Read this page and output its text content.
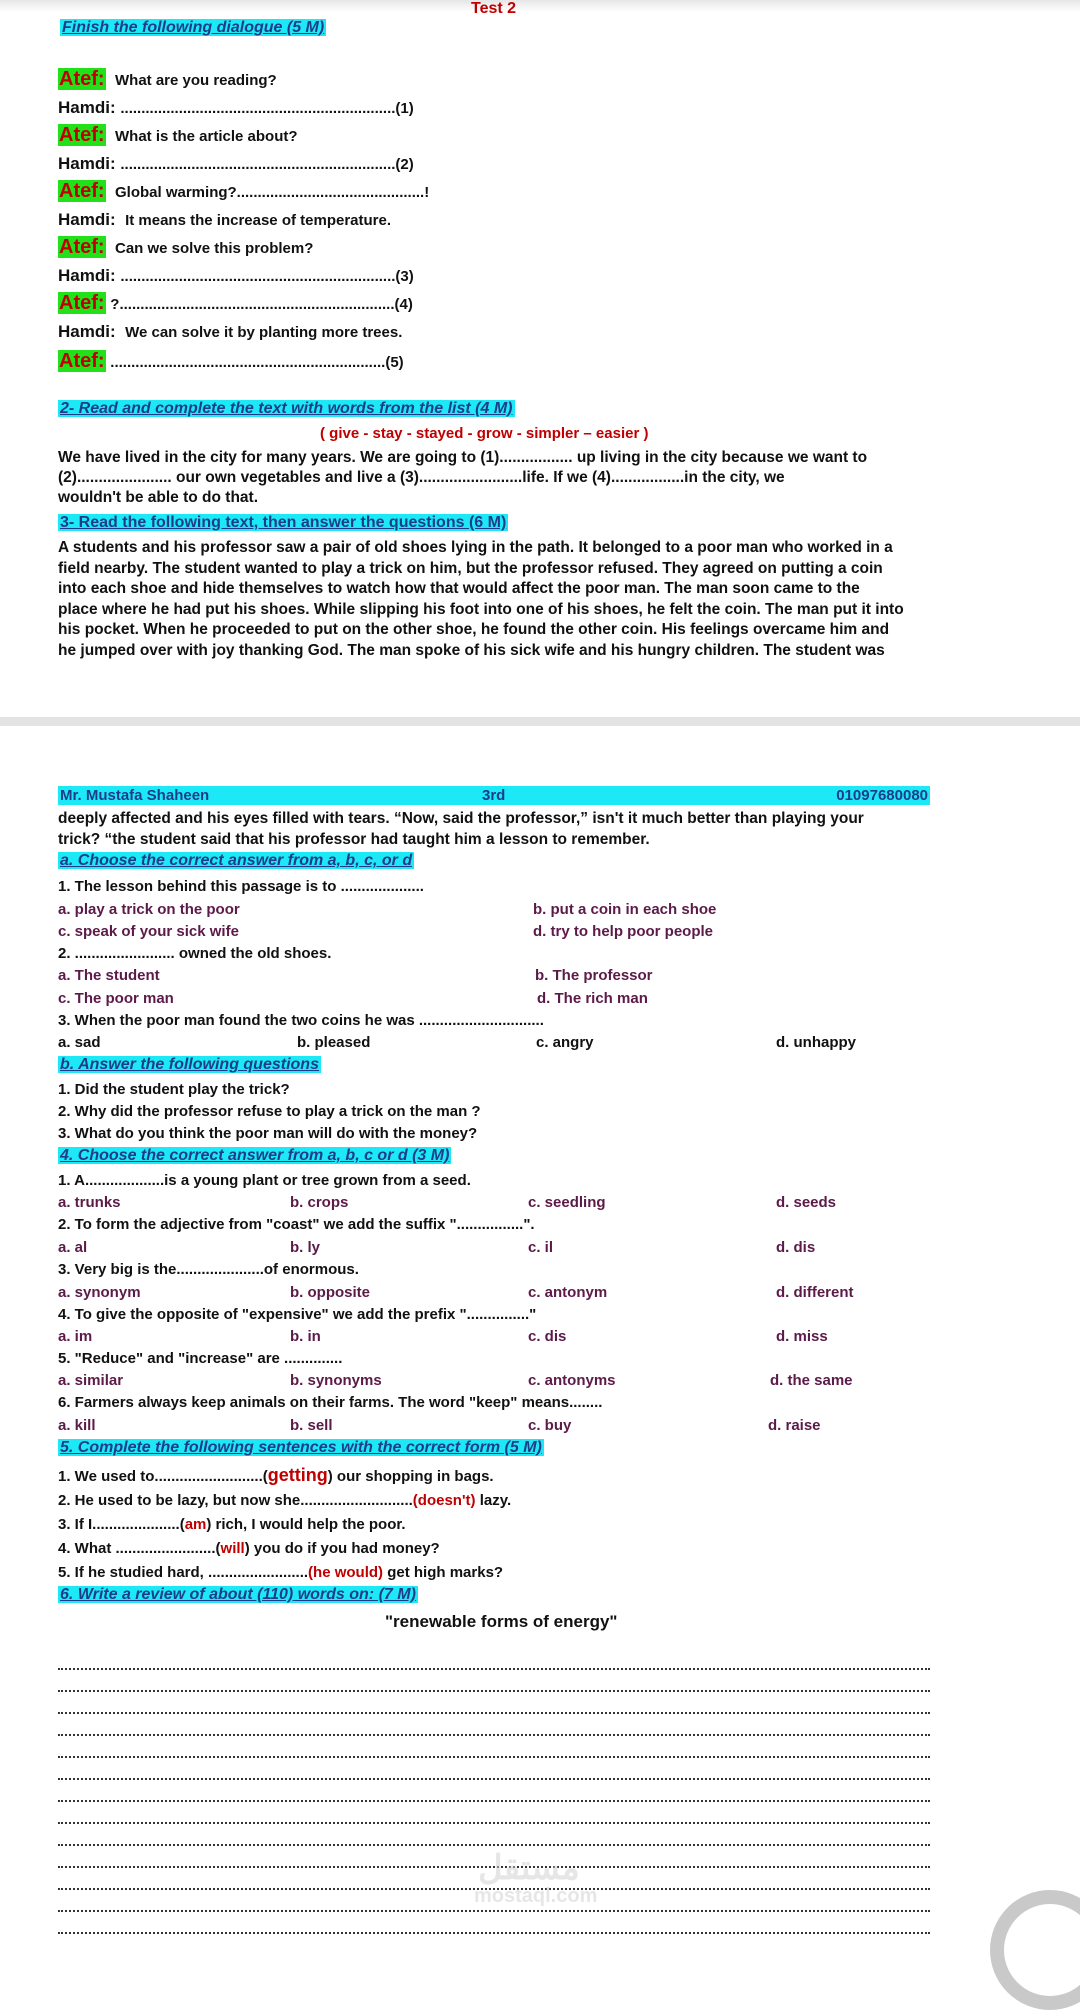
Test 2
Finish the following dialogue (5 M)
Atef: What are you reading?
Hamdi: ..................................................................(1)
Atef: What is the article about?
Hamdi: ..................................................................(2)
Atef: Global warming?.............................................!
Hamdi: It means the increase of temperature.
Atef: Can we solve this problem?
Hamdi: ..................................................................(3)
Atef: ?..................................................................(4)
Hamdi: We can solve it by planting more trees.
Atef: ..................................................................(5)
2- Read and complete the text with words from the list (4 M)
( give - stay - stayed - grow - simpler – easier )
We have lived in the city for many years. We are going to (1)................. up living in the city because we want to
(2)...................... our own vegetables and live a (3)........................life. If we (4).................in the city, we
wouldn't be able to do that.
3- Read the following text, then answer the questions (6 M)
A students and his professor saw a pair of old shoes lying in the path. It belonged to a poor man who worked in a
field nearby. The student wanted to play a trick on him, but the professor refused. They agreed on putting a coin
into each shoe and hide themselves to watch how that would affect the poor man. The man soon came to the
place where he had put his shoes. While slipping his foot into one of his shoes, he felt the coin. The man put it into
his pocket. When he proceeded to put on the other shoe, he found the other coin. His feelings overcame him and
he jumped over with joy thanking God. The man spoke of his sick wife and his hungry children. The student was
Mr. Mustafa Shaheen	3rd	01097680080
deeply affected and his eyes filled with tears. “Now, said the professor,” isn't it much better than playing your
trick? “the student said that his professor had taught him a lesson to remember.
a. Choose the correct answer from a, b, c, or d
1. The lesson behind this passage is to ....................
a. play a trick on the poor	b. put a coin in each shoe
c. speak of your sick wife	d. try to help poor people
2. ........................ owned the old shoes.
a. The student	b. The professor
c. The poor man	d. The rich man
3. When the poor man found the two coins he was ..............................
a. sad	b. pleased	c. angry	d. unhappy
b. Answer the following questions
1. Did the student play the trick?
2. Why did the professor refuse to play a trick on the man ?
3. What do you think the poor man will do with the money?
4. Choose the correct answer from a, b, c or d (3 M)
1. A...................is a young plant or tree grown from a seed.
a. trunks	b. crops	c. seedling	d. seeds
2. To form the adjective from "coast" we add the suffix "................".
a. al	b. ly	c. il	d. dis
3. Very big is the.....................of enormous.
a. synonym	b. opposite	c. antonym	d. different
4. To give the opposite of "expensive" we add the prefix "..............."
a. im	b. in	c. dis	d. miss
5. "Reduce" and "increase" are ..............
a. similar	b. synonyms	c. antonyms	d. the same
6. Farmers always keep animals on their farms. The word "keep" means........
a. kill	b. sell	c. buy	d. raise
5. Complete the following sentences with the correct form (5 M)
1. We used to..........................(getting) our shopping in bags.
2. He used to be lazy, but now she...........................(doesn't) lazy.
3. If I.....................(am) rich, I would help the poor.
4. What ........................(will) you do if you had money?
5. If he studied hard, ........................(he would) get high marks?
6. Write a review of about (110) words on: (7 M)
"renewable forms of energy"
مستقل
mostaql.com
